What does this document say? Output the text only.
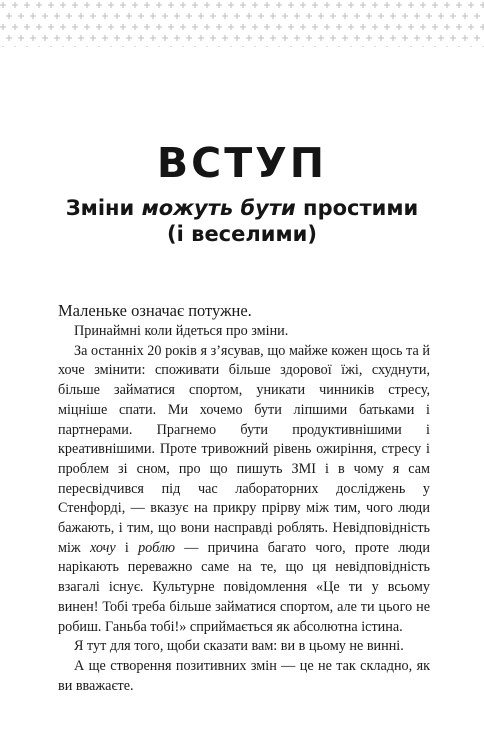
ВСТУП
Зміни можуть бути простими
(і веселими)

Маленьке означає потужне.

Принаймні коли йдеться про зміни.

За останніх 20 років я з’ясував, що майже кожен щось та й хоче змінити: споживати більше здорової їжі, схуднути, більше займатися спортом, уникати чинників стресу, міцніше спати. Ми хочемо бути ліпшими батьками і партнерами. Прагнемо бути продуктивнішими і креативнішими. Проте тривожний рівень ожиріння, стресу і проблем зі сном, про що пишуть ЗМІ і в чому я сам пересвідчився під час лабораторних досліджень у Стенфорді, — вказує на прикру прірву між тим, чого люди бажають, і тим, що вони насправді роблять. Невідповідність між хочу і роблю — причина багато чого, проте люди нарікають переважно саме на те, що ця невідповідність взагалі існує. Культурне повідомлення «Це ти у всьому винен! Тобі треба більше займатися спортом, але ти цього не робиш. Ганьба тобі!» сприймається як абсолютна істина.

Я тут для того, щоби сказати вам: ви в цьому не винні.

А ще створення позитивних змін — це не так складно, як ви вважаєте.
